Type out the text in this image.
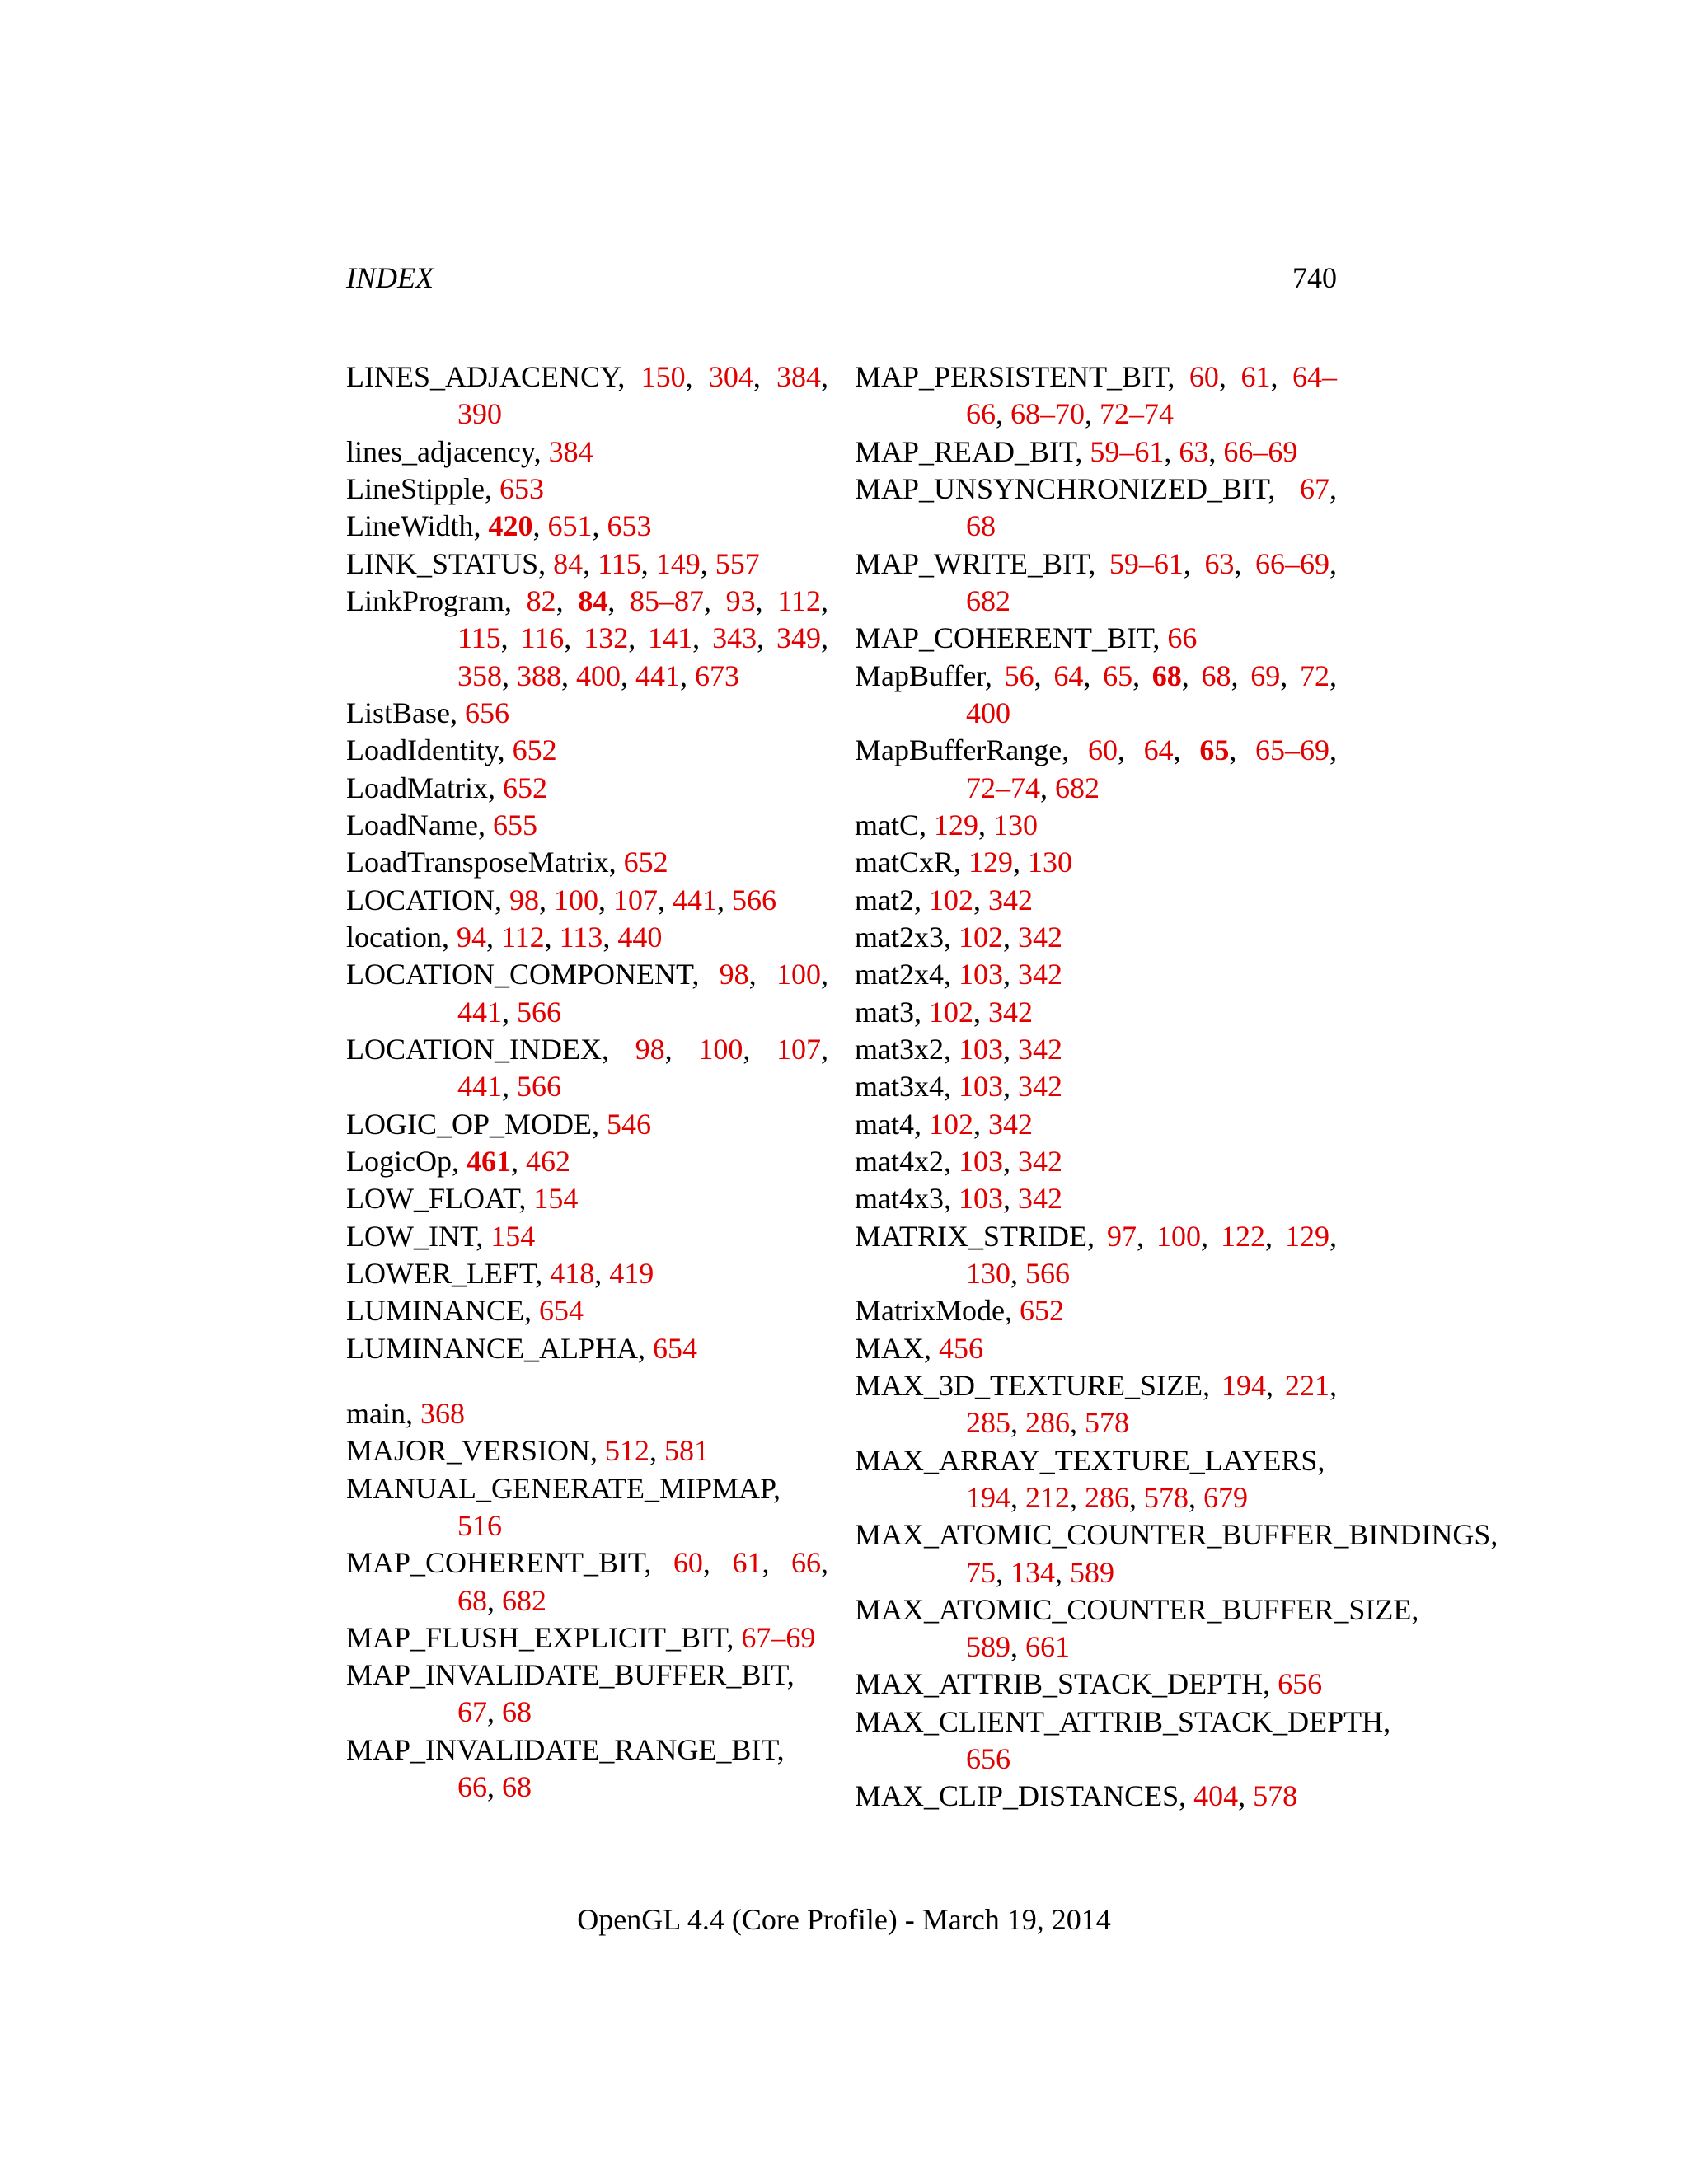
INDEX	740
LINES_ADJACENCY, 150, 304, 384, 390
lines_adjacency, 384
LineStipple, 653
LineWidth, 420, 651, 653
LINK_STATUS, 84, 115, 149, 557
LinkProgram, 82, 84, 85–87, 93, 112, 115, 116, 132, 141, 343, 349, 358, 388, 400, 441, 673
ListBase, 656
LoadIdentity, 652
LoadMatrix, 652
LoadName, 655
LoadTransposeMatrix, 652
LOCATION, 98, 100, 107, 441, 566
location, 94, 112, 113, 440
LOCATION_COMPONENT, 98, 100, 441, 566
LOCATION_INDEX, 98, 100, 107, 441, 566
LOGIC_OP_MODE, 546
LogicOp, 461, 462
LOW_FLOAT, 154
LOW_INT, 154
LOWER_LEFT, 418, 419
LUMINANCE, 654
LUMINANCE_ALPHA, 654
main, 368
MAJOR_VERSION, 512, 581
MANUAL_GENERATE_MIPMAP, 516
MAP_COHERENT_BIT, 60, 61, 66, 68, 682
MAP_FLUSH_EXPLICIT_BIT, 67–69
MAP_INVALIDATE_BUFFER_BIT, 67, 68
MAP_INVALIDATE_RANGE_BIT, 66, 68
MAP_PERSISTENT_BIT, 60, 61, 64–66, 68–70, 72–74
MAP_READ_BIT, 59–61, 63, 66–69
MAP_UNSYNCHRONIZED_BIT, 67, 68
MAP_WRITE_BIT, 59–61, 63, 66–69, 682
MAP_COHERENT_BIT, 66
MapBuffer, 56, 64, 65, 68, 68, 69, 72, 400
MapBufferRange, 60, 64, 65, 65–69, 72–74, 682
matC, 129, 130
matCxR, 129, 130
mat2, 102, 342
mat2x3, 102, 342
mat2x4, 103, 342
mat3, 102, 342
mat3x2, 103, 342
mat3x4, 103, 342
mat4, 102, 342
mat4x2, 103, 342
mat4x3, 103, 342
MATRIX_STRIDE, 97, 100, 122, 129, 130, 566
MatrixMode, 652
MAX, 456
MAX_3D_TEXTURE_SIZE, 194, 221, 285, 286, 578
MAX_ARRAY_TEXTURE_LAYERS, 194, 212, 286, 578, 679
MAX_ATOMIC_COUNTER_BUFFER_BINDINGS, 75, 134, 589
MAX_ATOMIC_COUNTER_BUFFER_SIZE, 589, 661
MAX_ATTRIB_STACK_DEPTH, 656
MAX_CLIENT_ATTRIB_STACK_DEPTH, 656
MAX_CLIP_DISTANCES, 404, 578
OpenGL 4.4 (Core Profile) - March 19, 2014
